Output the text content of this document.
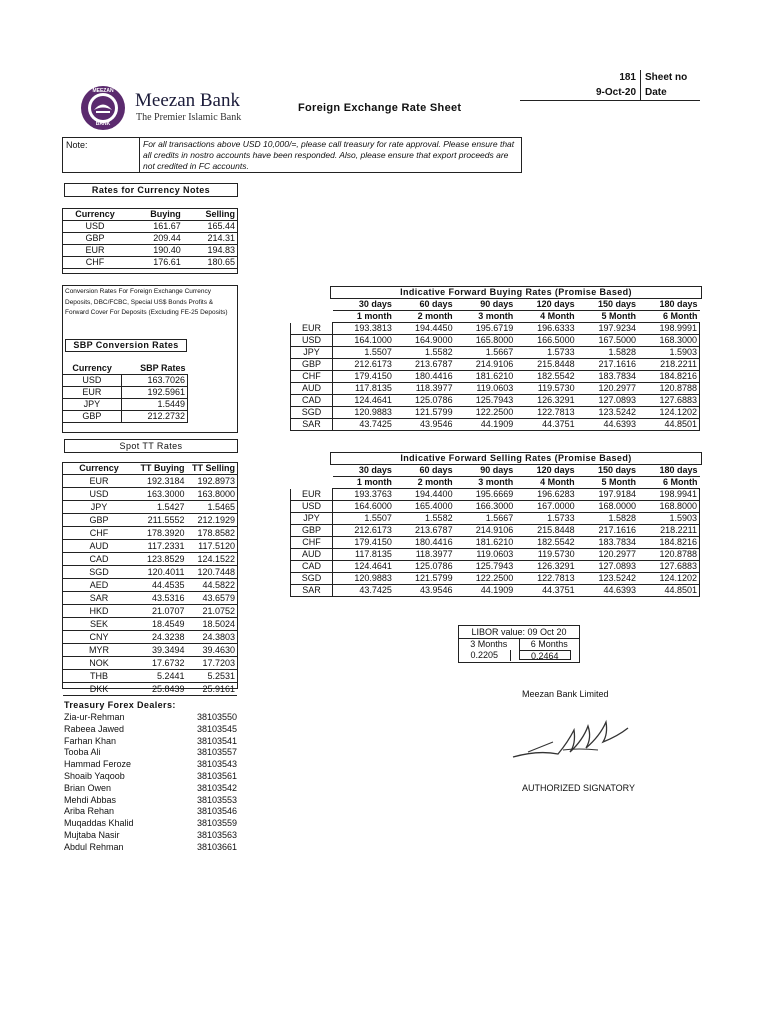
MEEZAN
BANK
Meezan Bank
The Premier Islamic Bank
Foreign Exchange Rate Sheet
181 Sheet no
9-Oct-20 Date
Note:	For all transactions above USD 10,000/=, please call treasury for rate approval. Please ensure that all credits in nostro accounts have been responded. Also, please ensure that export proceeds are not credited in FC accounts.
Rates for Currency Notes
Currency	Buying	Selling
USD	161.67	165.44
GBP	209.44	214.31
EUR	190.40	194.83
CHF	176.61	180.65
Conversion Rates For Foreign Exchange Currency Deposits, DBC/FCBC, Special US$ Bonds Profits & Forward Cover For Deposits (Excluding FE-25 Deposits)
SBP Conversion Rates
Currency	SBP Rates
USD	163.7026
EUR	192.5961
JPY	1.5449
GBP	212.2732
Spot TT Rates
Currency	TT Buying	TT Selling
EUR	192.3184	192.8973
USD	163.3000	163.8000
JPY	1.5427	1.5465
GBP	211.5552	212.1929
CHF	178.3920	178.8582
AUD	117.2331	117.5120
CAD	123.8529	124.1522
SGD	120.4011	120.7448
AED	44.4535	44.5822
SAR	43.5316	43.6579
HKD	21.0707	21.0752
SEK	18.4549	18.5024
CNY	24.3238	24.3803
MYR	39.3494	39.4630
NOK	17.6732	17.7203
THB	5.2441	5.2531
DKK	25.8439	25.9161
Indicative Forward Buying Rates (Promise Based)
	30 days	60 days	90 days	120 days	150 days	180 days
	1 month	2 month	3 month	4 Month	5 Month	6 Month
EUR	193.3813	194.4450	195.6719	196.6333	197.9234	198.9991
USD	164.1000	164.9000	165.8000	166.5000	167.5000	168.3000
JPY	1.5507	1.5582	1.5667	1.5733	1.5828	1.5903
GBP	212.6173	213.6787	214.9106	215.8448	217.1616	218.2211
CHF	179.4150	180.4416	181.6210	182.5542	183.7834	184.8216
AUD	117.8135	118.3977	119.0603	119.5730	120.2977	120.8788
CAD	124.4641	125.0786	125.7943	126.3291	127.0893	127.6883
SGD	120.9883	121.5799	122.2500	122.7813	123.5242	124.1202
SAR	43.7425	43.9546	44.1909	44.3751	44.6393	44.8501
Indicative Forward Selling Rates (Promise Based)
	30 days	60 days	90 days	120 days	150 days	180 days
	1 month	2 month	3 month	4 Month	5 Month	6 Month
EUR	193.3763	194.4400	195.6669	196.6283	197.9184	198.9941
USD	164.6000	165.4000	166.3000	167.0000	168.0000	168.8000
JPY	1.5507	1.5582	1.5667	1.5733	1.5828	1.5903
GBP	212.6173	213.6787	214.9106	215.8448	217.1616	218.2211
CHF	179.4150	180.4416	181.6210	182.5542	183.7834	184.8216
AUD	117.8135	118.3977	119.0603	119.5730	120.2977	120.8788
CAD	124.4641	125.0786	125.7943	126.3291	127.0893	127.6883
SGD	120.9883	121.5799	122.2500	122.7813	123.5242	124.1202
SAR	43.7425	43.9546	44.1909	44.3751	44.6393	44.8501
LIBOR value: 09 Oct 20
3 Months	6 Months
0.2205	0.2464
Treasury Forex Dealers:
Zia-ur-Rehman	38103550
Rabeea Jawed	38103545
Farhan Khan	38103541
Tooba Ali	38103557
Hammad Feroze	38103543
Shoaib Yaqoob	38103561
Brian Owen	38103542
Mehdi Abbas	38103553
Ariba Rehan	38103546
Muqaddas Khalid	38103559
Mujtaba Nasir	38103563
Abdul Rehman	38103661
Meezan Bank Limited
AUTHORIZED SIGNATORY
